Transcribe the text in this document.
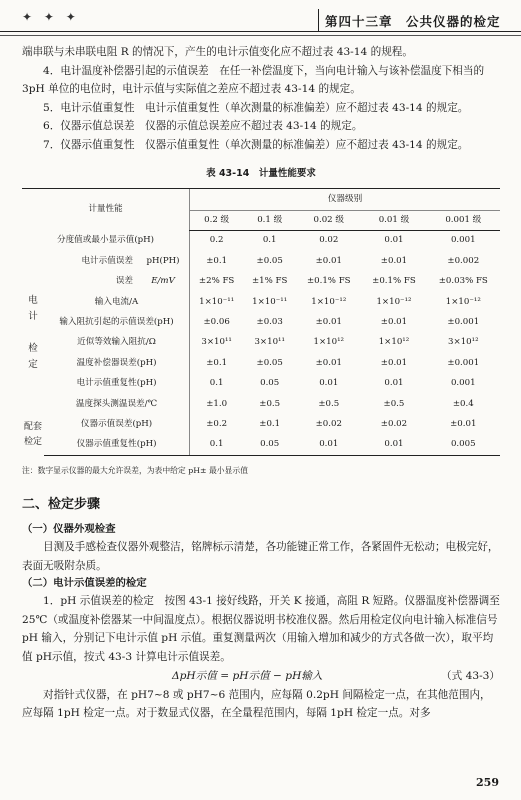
✦ ✦ ✦	第四十三章　公共仪器的检定

端串联与未串联电阻 R 的情况下，产生的电计示值变化应不超过表 43-14 的规程。

4．电计温度补偿器引起的示值误差　在任一补偿温度下，当向电计输入与该补偿温度下相当的 3pH 单位的电位时，电计示值与实际值之差应不超过表 43-14 的规定。

5．电计示值重复性　电计示值重复性（单次测量的标准偏差）应不超过表 43-14 的规定。

6．仪器示值总误差　仪器的示值总误差应不超过表 43-14 的规定。

7．仪器示值重复性　仪器示值重复性（单次测量的标准偏差）应不超过表 43-14 的规定。

表 43-14　计量性能要求
计量性能			仪器级别				
			0.2 级	0.1 级	0.02 级	0.01 级	0.001 级
分度值或最小显示值(pH)			0.2	0.1	0.02	0.01	0.001
电
计

检
定	电计示值误差	pH(PH)	±0.1	±0.05	±0.01	±0.01	±0.002
	误差	E/mV	±2% FS	±1% FS	±0.1% FS	±0.1% FS	±0.03% FS
	输入电流/A		1×10⁻¹¹	1×10⁻¹¹	1×10⁻¹²	1×10⁻¹²	1×10⁻¹²
	输入阻抗引起的示值误差(pH)		±0.06	±0.03	±0.01	±0.01	±0.001
	近似等效输入阻抗/Ω		3×10¹¹	3×10¹¹	1×10¹²	1×10¹²	3×10¹²
	温度补偿器误差(pH)		±0.1	±0.05	±0.01	±0.01	±0.001
	电计示值重复性(pH)		0.1	0.05	0.01	0.01	0.001
	温度探头测温误差/℃		±1.0	±0.5	±0.5	±0.5	±0.4
配套
检定	仪器示值误差(pH)		±0.2	±0.1	±0.02	±0.02	±0.01
	仪器示值重复性(pH)		0.1	0.05	0.01	0.01	0.005
注：数字显示仪器的最大允许误差，为表中给定 pH± 最小显示值
二、检定步骤
（一）仪器外观检查

目测及手感检查仪器外观整洁，铭牌标示清楚，各功能键正常工作，各紧固件无松动；电极完好，表面无吸附杂质。

（二）电计示值误差的检定

1．pH 示值误差的检定　按图 43-1 接好线路，开关 K 接通，高阻 R 短路。仪器温度补偿器调至 25℃（或温度补偿器某一中间温度点）。根据仪器说明书校准仪器。然后用检定仪向电计输入标准信号 pH 输入，分别记下电计示值 pH 示值。重复测量两次（用输入增加和减少的方式各做一次），取平均值 pH示值，按式 43-3 计算电计示值误差。

ΔpH示值 = pH示值 − pH输入	（式 43-3）

对指针式仪器，在 pH7~8 或 pH7~6 范围内，应每隔 0.2pH 间隔检定一点，在其他范围内，应每隔 1pH 检定一点。对于数显式仪器，在全量程范围内，每隔 1pH 检定一点。对多

259
